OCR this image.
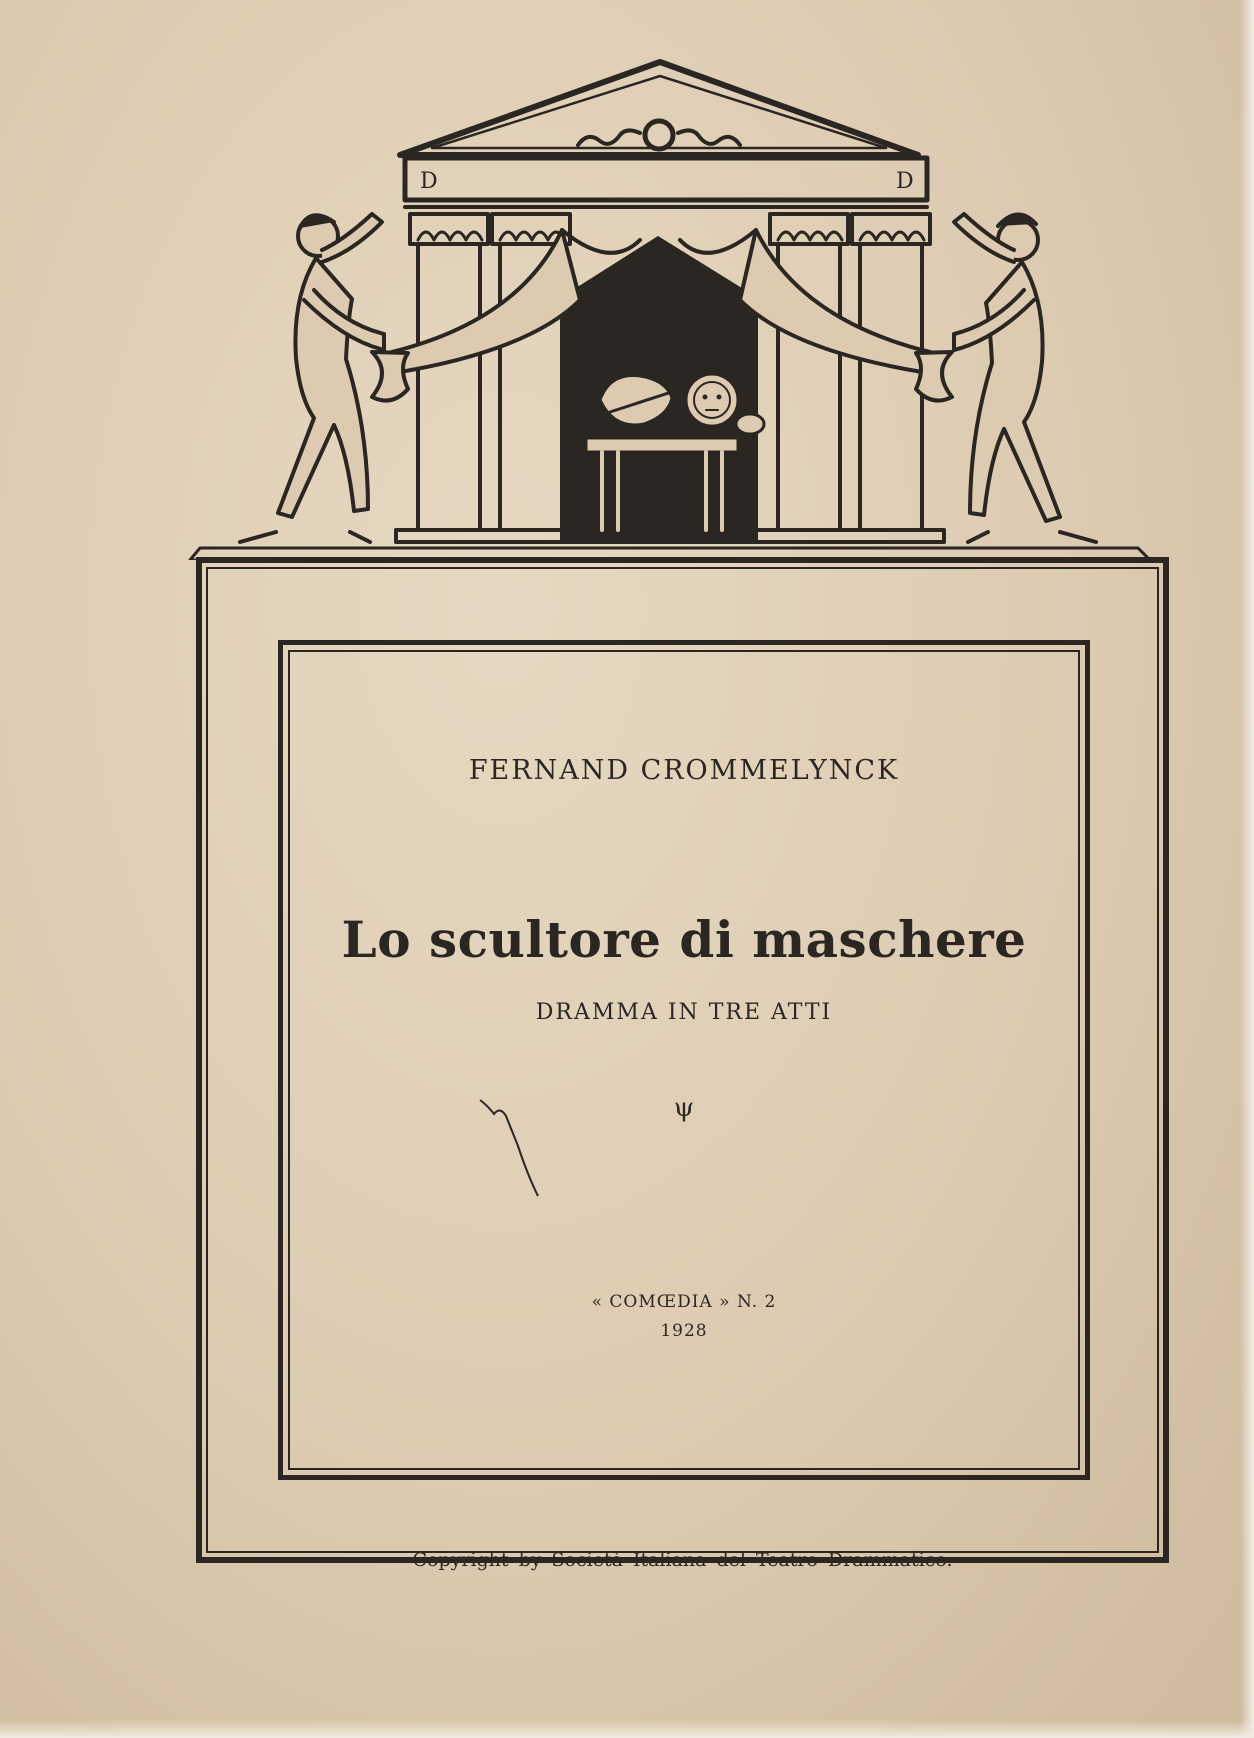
D	D
FERNAND CROMMELYNCK
Lo scultore di maschere
DRAMMA IN TRE ATTI
ψ
« COMŒDIA » N. 2
1928
Copyright by Società Italiana del Teatro Drammatico.
